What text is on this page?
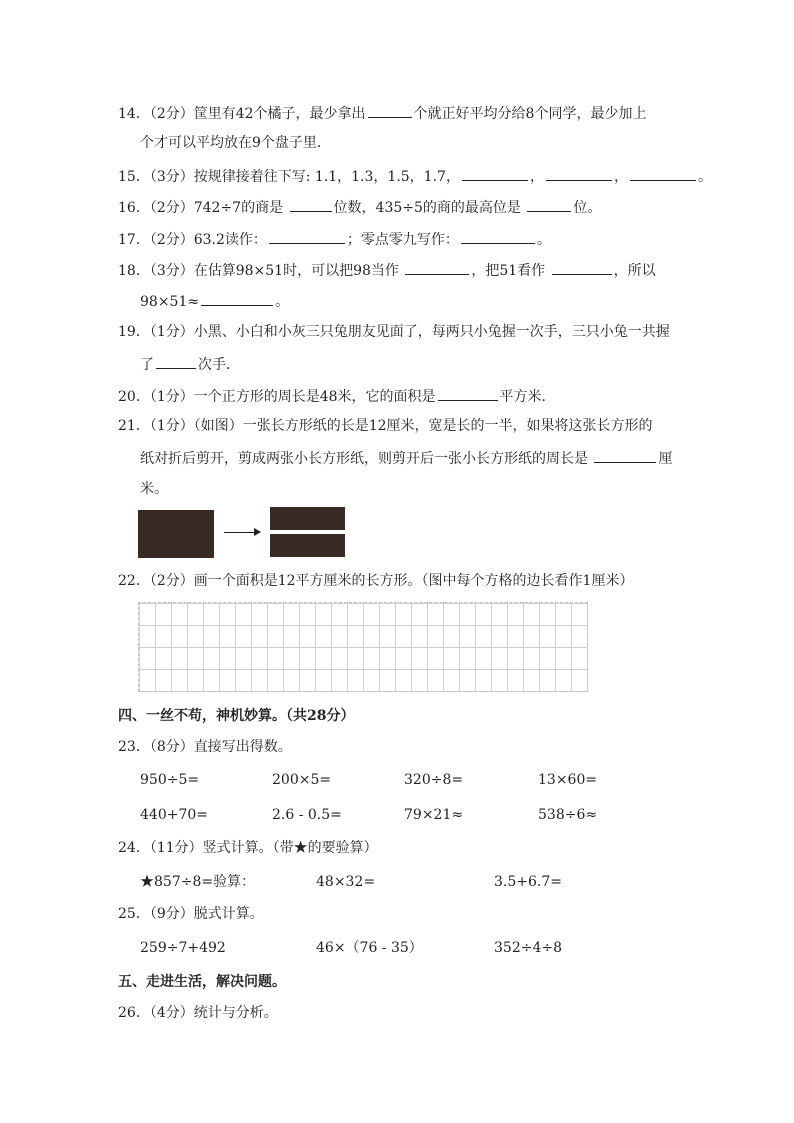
14．（2分）筐里有42个橘子，最少拿出	个就正好平均分给8个同学，最少加上
个才可以平均放在9个盘子里．
15．（3分）按规律接着往下写: 1.1，1.3，1.5，1.7，	，	，	。
16．（2分）742÷7的商是	位数，435÷5的商的最高位是	位。
17．（2分）63.2读作：	；零点零九写作：	。
18．（3分）在估算98×51时，可以把98当作	，把51看作	，所以
98×51≈	。
19．（1分）小黑、小白和小灰三只兔朋友见面了，每两只小兔握一次手，三只小兔一共握
了	次手．
20．（1分）一个正方形的周长是48米，它的面积是	平方米．
21．（1分）（如图）一张长方形纸的长是12厘米，宽是长的一半，如果将这张长方形的
纸对折后剪开，剪成两张小长方形纸，则剪开后一张小长方形纸的周长是	厘
米。
22．（2分）画一个面积是12平方厘米的长方形。（图中每个方格的边长看作1厘米）
四、一丝不苟，神机妙算。（共28分）
23．（8分）直接写出得数。
950÷5=	200×5=	320÷8=	13×60=
440+70=	2.6 - 0.5=	79×21≈	538÷6≈
24．（11分）竖式计算。（带★的要验算）
★857÷8=验算：	48×32=	3.5+6.7=
25．（9分）脱式计算。
259÷7+492	46×（76 - 35）	352÷4÷8
五、走进生活，解决问题。
26．（4分）统计与分析。
